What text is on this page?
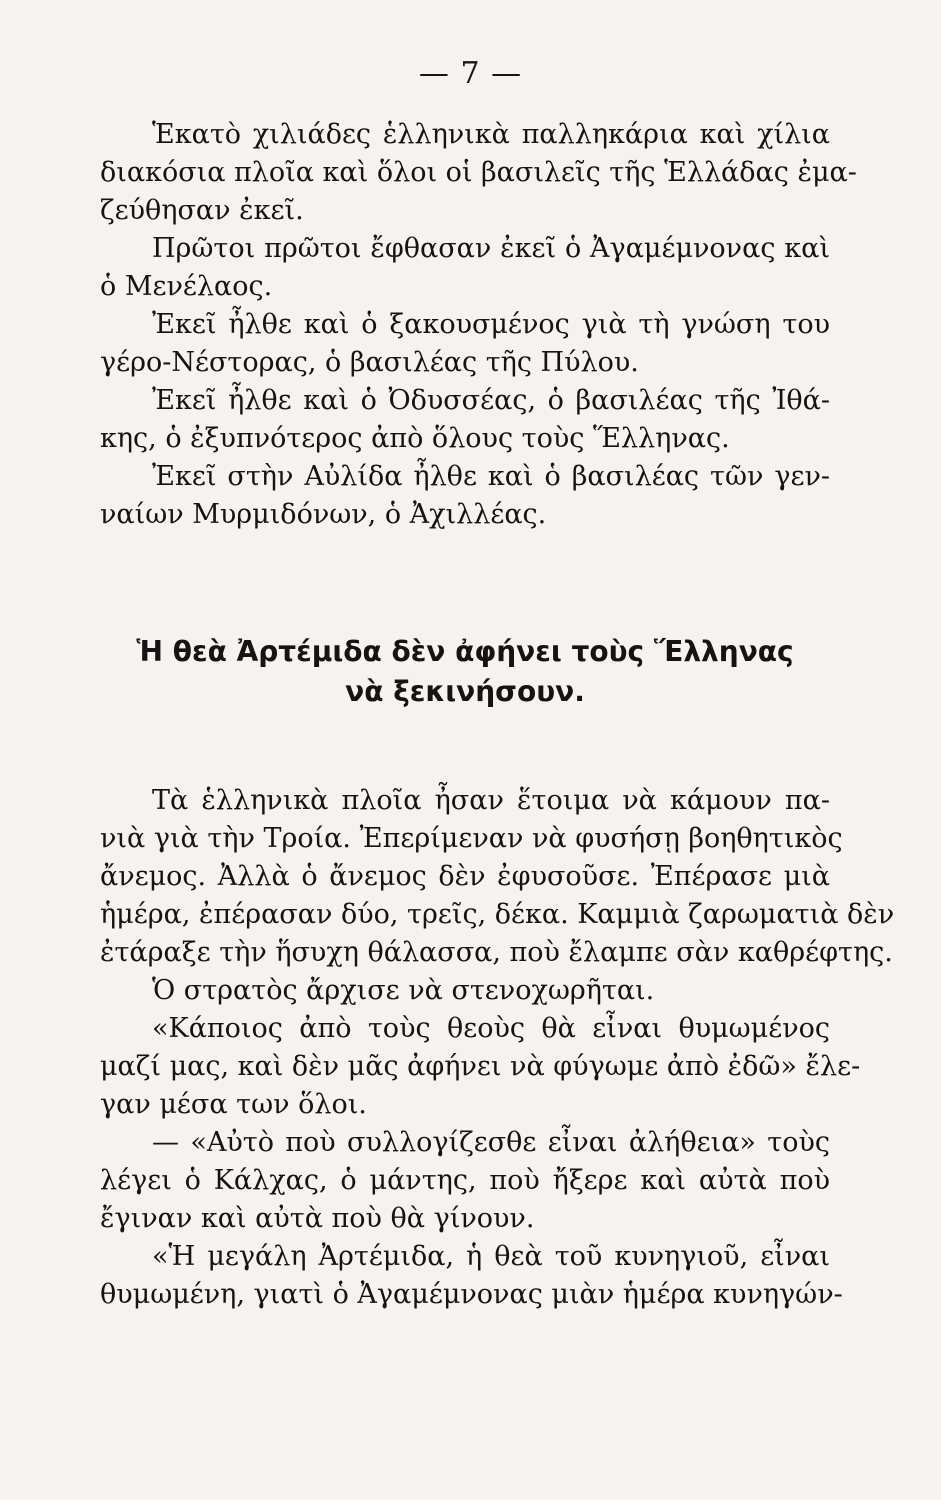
— 7 —
Ἑκατὸ χιλιάδες ἑλληνικὰ παλληκάρια καὶ χίλια
διακόσια πλοῖα καὶ ὅλοι οἱ βασιλεῖς τῆς Ἑλλάδας ἐμα-
ζεύθησαν ἐκεῖ.
Πρῶτοι πρῶτοι ἔφθασαν ἐκεῖ ὁ Ἀγαμέμνονας καὶ
ὁ Μενέλαος.
Ἐκεῖ ἦλθε καὶ ὁ ξακουσμένος γιὰ τὴ γνώση του
γέρο-Νέστορας, ὁ βασιλέας τῆς Πύλου.
Ἐκεῖ ἦλθε καὶ ὁ Ὀδυσσέας, ὁ βασιλέας τῆς Ἰθά-
κης, ὁ ἐξυπνότερος ἀπὸ ὅλους τοὺς Ἕλληνας.
Ἐκεῖ στὴν Αὐλίδα ἦλθε καὶ ὁ βασιλέας τῶν γεν-
ναίων Μυρμιδόνων, ὁ Ἀχιλλέας.
Ἡ θεὰ Ἀρτέμιδα δὲν ἀφήνει τοὺς Ἕλληνας
νὰ ξεκινήσουν.
Τὰ ἑλληνικὰ πλοῖα ἦσαν ἕτοιμα νὰ κάμουν πα-
νιὰ γιὰ τὴν Τροία. Ἐπερίμεναν νὰ φυσήσῃ βοηθητικὸς
ἄνεμος. Ἀλλὰ ὁ ἄνεμος δὲν ἐφυσοῦσε. Ἐπέρασε μιὰ
ἡμέρα, ἐπέρασαν δύο, τρεῖς, δέκα. Καμμιὰ ζαρωματιὰ δὲν
ἐτάραξε τὴν ἥσυχη θάλασσα, ποὺ ἔλαμπε σὰν καθρέφτης.
Ὁ στρατὸς ἄρχισε νὰ στενοχωρῆται.
«Κάποιος ἀπὸ τοὺς θεοὺς θὰ εἶναι θυμωμένος
μαζί μας, καὶ δὲν μᾶς ἀφήνει νὰ φύγωμε ἀπὸ ἐδῶ» ἔλε-
γαν μέσα των ὅλοι.
— «Αὐτὸ ποὺ συλλογίζεσθε εἶναι ἀλήθεια» τοὺς
λέγει ὁ Κάλχας, ὁ μάντης, ποὺ ἤξερε καὶ αὐτὰ ποὺ
ἔγιναν καὶ αὐτὰ ποὺ θὰ γίνουν.
«Ἡ μεγάλη Ἀρτέμιδα, ἡ θεὰ τοῦ κυνηγιοῦ, εἶναι
θυμωμένη, γιατὶ ὁ Ἀγαμέμνονας μιὰν ἡμέρα κυνηγών-
